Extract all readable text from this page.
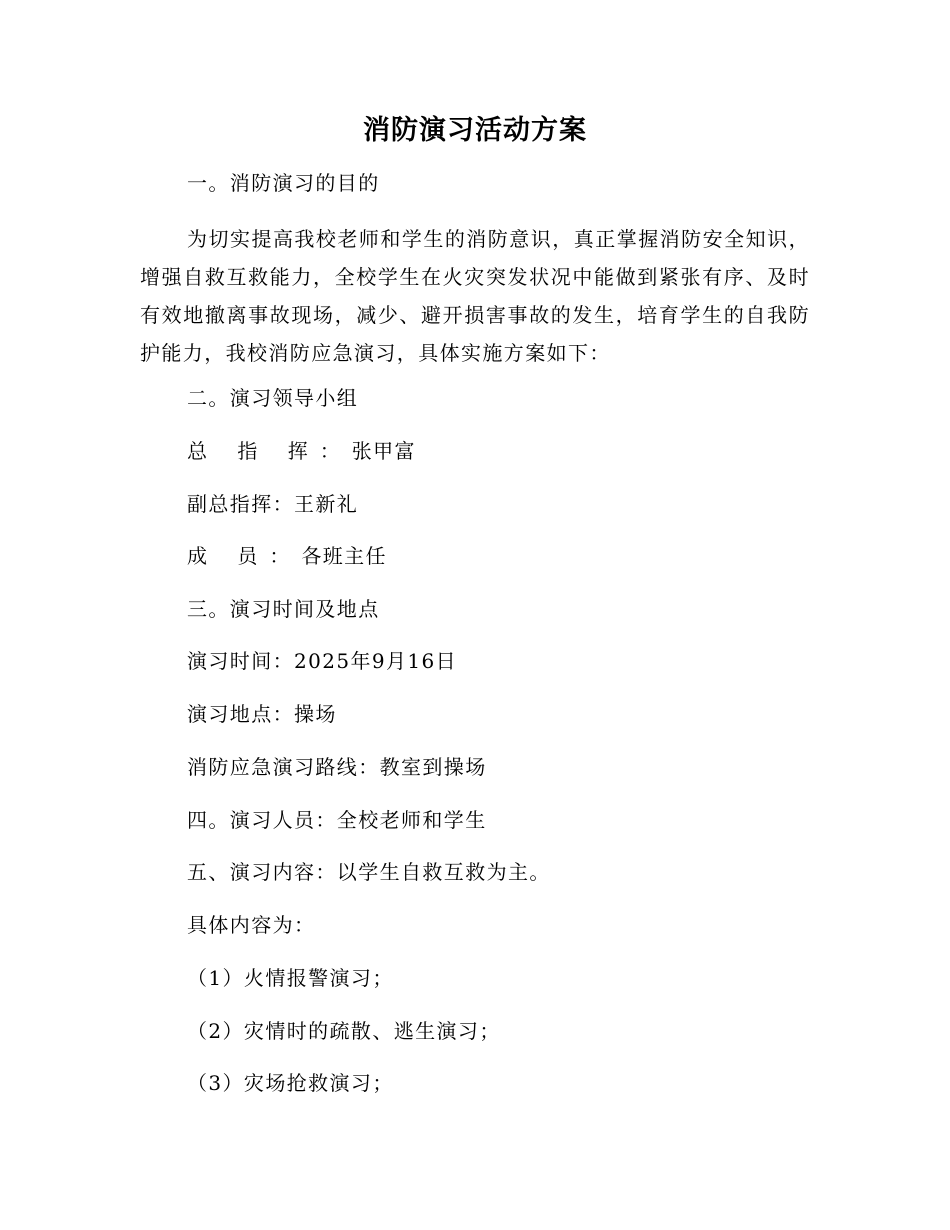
消防演习活动方案

一。消防演习的目的

为切实提高我校老师和学生的消防意识，真正掌握消防安全知识，增强自救互救能力，全校学生在火灾突发状况中能做到紧张有序、及时有效地撤离事故现场，减少、避开损害事故的发生，培育学生的自我防护能力，我校消防应急演习，具体实施方案如下：

二。演习领导小组

总 指 挥：张甲富

副总指挥：王新礼

成 员：各班主任

三。演习时间及地点

演习时间：2025年9月16日

演习地点：操场

消防应急演习路线：教室到操场

四。演习人员：全校老师和学生

五、演习内容：以学生自救互救为主。

具体内容为：

（1）火情报警演习；

（2）灾情时的疏散、逃生演习；

（3）灾场抢救演习；
